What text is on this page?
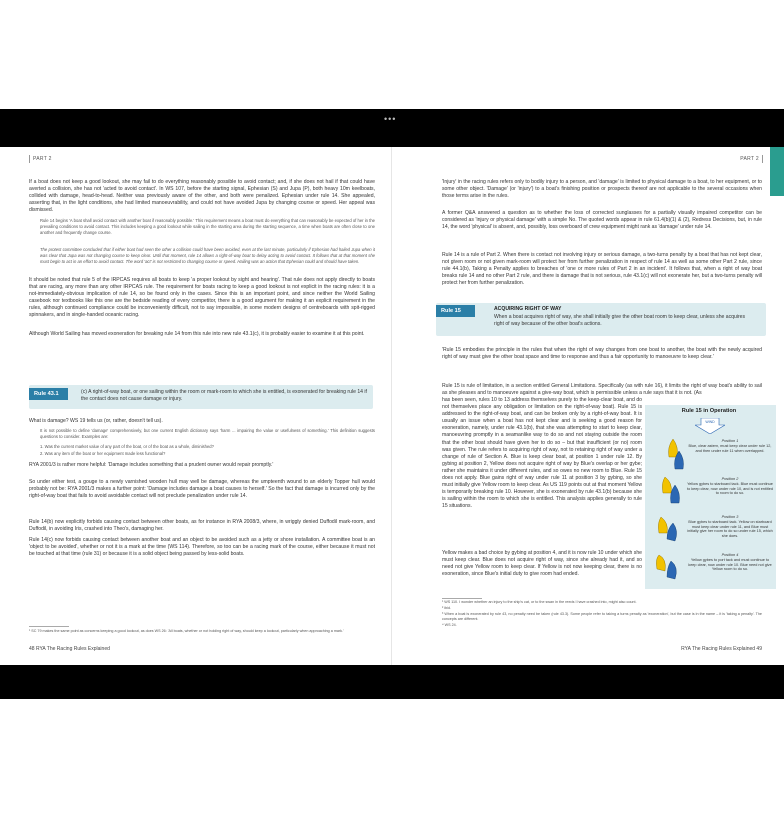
•••
PART 2

If a boat does not keep a good lookout, she may fail to do everything reasonably possible to avoid contact; and, if she does not hail if that could have averted a collision, she has not 'acted to avoid contact'. In WS 107, before the starting signal, Ephesian (S) and Jupa (P), both heavy 10m keelboats, collided with damage, head-to-head. Neither was previously aware of the other, and both were penalized. Ephesian under rule 14. She appealed, asserting that, in the light conditions, she had limited manoeuvrability, and could not have avoided Jupa by changing course or speed. Her appeal was dismissed.

Rule 14 begins 'A boat shall avoid contact with another boat if reasonably possible.' This requirement means a boat must do everything that can reasonably be expected of her in the prevailing conditions to avoid contact. This includes keeping a good lookout while sailing in the starting area during the starting sequence, a time when boats are often close to one another and frequently change course.

The protest committee concluded that if either boat had seen the other a collision could have been avoided, even at the last minute, particularly if Ephesian had hailed Jupa when it was clear that Jupa was not changing course to keep clear. Until that moment, rule 14 allows a right-of-way boat to delay acting to avoid contact. It follows that at that moment she must begin to act in an effort to avoid contact. The word 'act' is not restricted to changing course or speed. Hailing was an action that Ephesian could and should have taken.

It should be noted that rule 5 of the IRPCAS requires all boats to keep 'a proper lookout by sight and hearing'. That rule does not apply directly to boats that are racing, any more than any other IRPCAS rule. The requirement for boats racing to keep a good lookout is not explicit in the racing rules: it is a not-immediately-obvious implication of rule 14, so be found only in the cases. Since this is an important point, and since neither the World Sailing casebook nor textbooks like this one are the bedside reading of every competitor, there is a good argument for making it an explicit requirement in the rules, although continued compliance could be inconveniently difficult, not to say impossible, in some modern designs of centreboards with spit-rigged spinnakers, and in single-handed oceanic racing.

Although World Sailing has moved exoneration for breaking rule 14 from this rule into new rule 43.1(c), it is probably easier to examine it at this point.

Rule 43.1	(c) A right-of-way boat, or one sailing within the room or mark-room to which she is entitled, is exonerated for breaking rule 14 if the contact does not cause damage or injury.

What is damage? WS 19 tells us (or, rather, doesn't tell us).

It is not possible to define 'damage' comprehensively, but one current English dictionary says 'harm ... impairing the value or usefulness of something.' This definition suggests questions to consider. Examples are:

1. Was the current market value of any part of the boat, or of the boat as a whole, diminished?

2. Was any item of the boat or her equipment made less functional?

RYA 2001/3 is rather more helpful: 'Damage includes something that a prudent owner would repair promptly.'

So under either test, a gouge to a newly varnished wooden hull may well be damage, whereas the umpteenth wound to an elderly Topper hull would probably not be: RYA 2001/3 makes a further point: 'Damage includes damage a boat causes to herself.' So the fact that damage is incurred only by the right-of-way boat that fails to avoid avoidable contact will not preclude penalization under rule 14.

Rule 14(b) now explicitly forbids causing contact between other boats, as for instance in RYA 2008/3, where, in wriggly denied Duffodil mark-room, and Duffodil, in avoiding Iris, crashed into Theo's, damaging her.

Rule 14(c) now forbids causing contact between another boat and an object to be avoided such as a jetty or shore installation. A committee boat is an 'object to be avoided', whether or not it is a mark at the time (WS 114). Therefore, so too can be a racing mark of the course, either because it must not be touched at that time (rule 31) or because it is a solid object being passed by less-solid boats.

¹ SC 79 makes the same point as concerns keeping a good lookout, as does WS 26: 'All boats, whether or not holding right of way, should keep a lookout, particularly when approaching a mark.'

48 RYA The Racing Rules Explained
PART 2

'Injury' in the racing rules refers only to bodily injury to a person, and 'damage' is limited to physical damage to a boat, to her equipment, or to some other object. 'Damage' (or 'injury') to a boat's finishing position or prospects thereof are not applicable to the several occasions when those terms arise in the rules.

A former Q&A answered a question as to whether the loss of corrected sunglasses for a partially visually impaired competitor can be considered as 'injury or physical damage' with a simple No. The quoted words appear in rule 61.4(b)(1) & (2), Redress Decisions, but, in rule 14, the word 'physical' is absent, and, possibly, loss overboard of crew equipment might rank as 'damage' under rule 14.

Rule 14 is a rule of Part 2. When there is contact not involving injury or serious damage, a two-turns penalty by a boat that has not kept clear, not given room or not given mark-room will protect her from further penalization in respect of rule 14 as well as some other Part 2 rule, since rule 44.1(b), Taking a Penalty applies to breaches of 'one or more rules of Part 2 in an incident'. It follows that, when a right of way boat breaks rule 14 and no other Part 2 rule, and there is damage that is not serious, rule 43.1(c) will not exonerate her, but a two-turns penalty will protect her from further penalization.

Rule 15	ACQUIRING RIGHT OF WAY
When a boat acquires right of way, she shall initially give the other boat room to keep clear, unless she acquires right of way because of the other boat's actions.

'Rule 15 embodies the principle in the rules that when the right of way changes from one boat to another, the boat with the newly acquired right of way must give the other boat space and time to response and thus a fair opportunity to manoeuvre to keep clear.'

Rule 15 is rule of limitation, in a section entitled General Limitations. Specifically (as with rule 16), it limits the right of way boat's ability to sail as she pleases and to manoeuvre against a give-way boat, which is permissible unless a rule says that it is not. (As

has been seen, rules 10 to 13 address themselves purely to the keep-clear boat, and do not themselves place any obligation or limitation on the right-of-way boat). Rule 15 is addressed to the right-of-way boat, and can be broken only by a right-of-way boat. It is usually an issue when a boat has not kept clear and is seeking a good reason for exoneration, namely, under rule 43.1(b), that she was attempting to start to keep clear, manoeuvring promptly in a seamanlike way to do so and not staying outside the room that the other boat should have given her to do so – but that insufficient (or no) room was given. The rule refers to acquiring right of way, not to retaining right of way under a change of rule of Section A. Blue is keep clear boat, at position 1 under rule 12. By gybing at position 2, Yellow does not acquire right of way by Blue's overlap or her gybe; rather she maintains it under different rules, and so owes no new room to Blue. Rule 15 does not apply. Blue gains right of way under rule 11 at position 3 by gybing, so she must initially give Yellow room to keep clear. As US 119 points out at that moment Yellow is temporarily breaking rule 10. However, she is exonerated by rule 43.1(b) because she is sailing within the room to which she is entitled. This analysis applies generally to rule 15 situations.

Yellow makes a bad choice by gybing at position 4, and it is now rule 10 under which she must keep clear. Blue does not acquire right of way, since she already had it, and so need not give Yellow room to keep clear. If Yellow is not now keeping clear, there is no exoneration, since Blue's initial duty to give room had ended.

¹ WS 110. I wonder whether an injury to the ship's cat, or to the swan in the reeds I have crashed into, might also count.

² ibid.

³ When a boat is exonerated by rule 43, no penalty need be taken (rule 43.3). Some people refer to taking a turns penalty as 'exoneration', but the case is in the name – it is 'taking a penalty'. The concepts are different.

⁴ WS 24.

RYA The Racing Rules Explained 49
Rule 15 in Operation
WIND
Position 1
Blue, clear astern, must keep clear under rule 12, and then under rule 11 when overlapped.
Position 2
Yellow gybes to starboard tack. Blue must continue to keep clear, now under rule 10, and is not entitled to room to do so.
Position 3
Blue gybes to starboard tack. Yellow on starboard must keep clear under rule 11, and Blue must initially give her room to do so under rule 15, which she does.
Position 4
Yellow gybes to port tack and must continue to keep clear, now under rule 10. Blue need not give Yellow room to do so.
